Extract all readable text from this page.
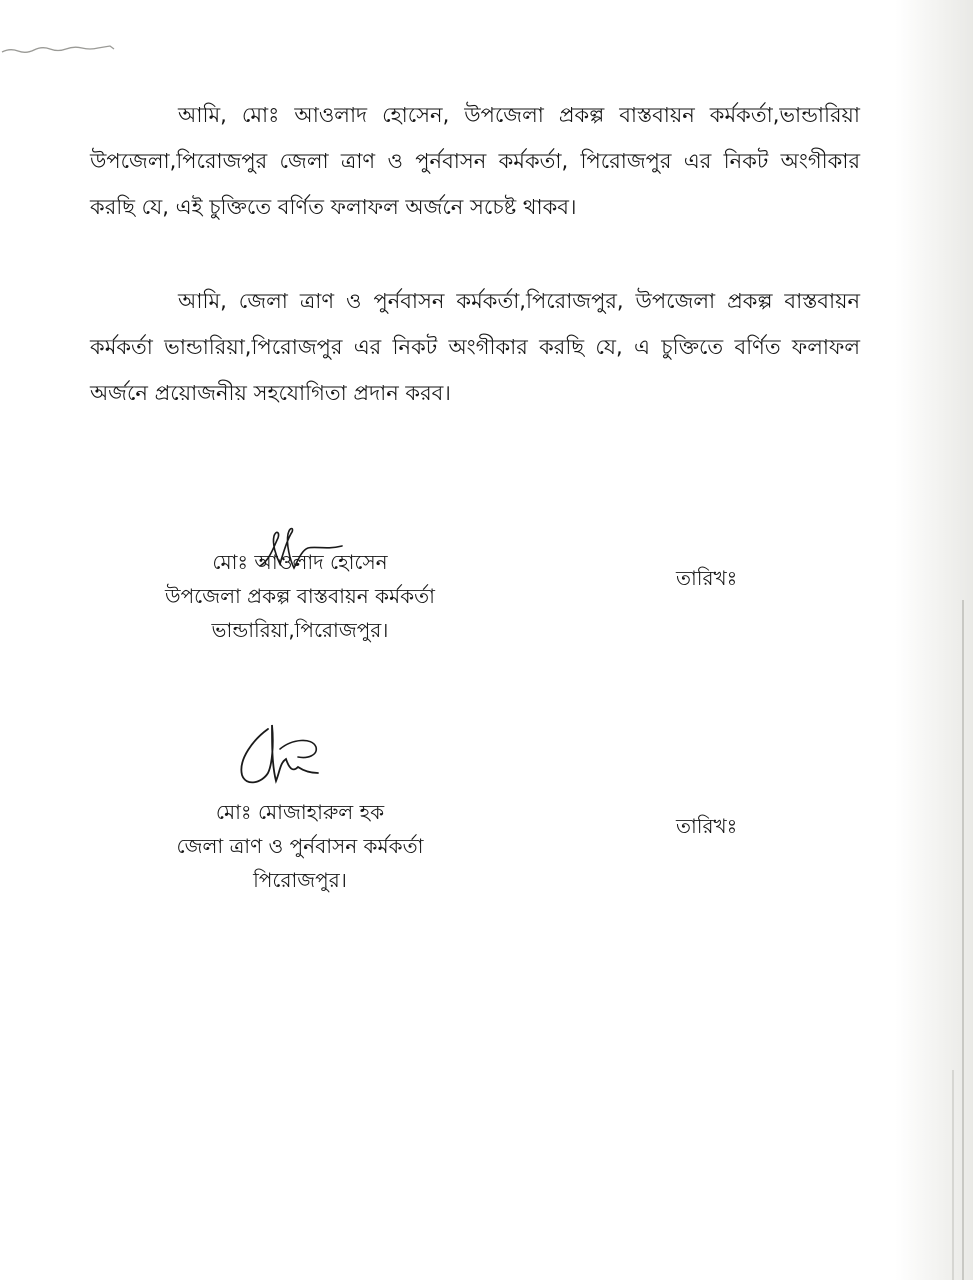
আমি, মোঃ আওলাদ হোসেন, উপজেলা প্রকল্প বাস্তবায়ন কর্মকর্তা,ভান্ডারিয়া উপজেলা,পিরোজপুর জেলা ত্রাণ ও পুর্নবাসন কর্মকর্তা, পিরোজপুর এর নিকট অংগীকার করছি যে, এই চুক্তিতে বর্ণিত ফলাফল অর্জনে সচেষ্ট থাকব।

আমি, জেলা ত্রাণ ও পুর্নবাসন কর্মকর্তা,পিরোজপুর, উপজেলা প্রকল্প বাস্তবায়ন কর্মকর্তা ভান্ডারিয়া,পিরোজপুর এর নিকট অংগীকার করছি যে, এ চুক্তিতে বর্ণিত ফলাফল অর্জনে প্রয়োজনীয় সহযোগিতা প্রদান করব।

মোঃ আওলাদ হোসেন
উপজেলা প্রকল্প বাস্তবায়ন কর্মকর্তা
ভান্ডারিয়া,পিরোজপুর।
তারিখঃ
মোঃ মোজাহারুল হক
জেলা ত্রাণ ও পুর্নবাসন কর্মকর্তা
পিরোজপুর।
তারিখঃ
